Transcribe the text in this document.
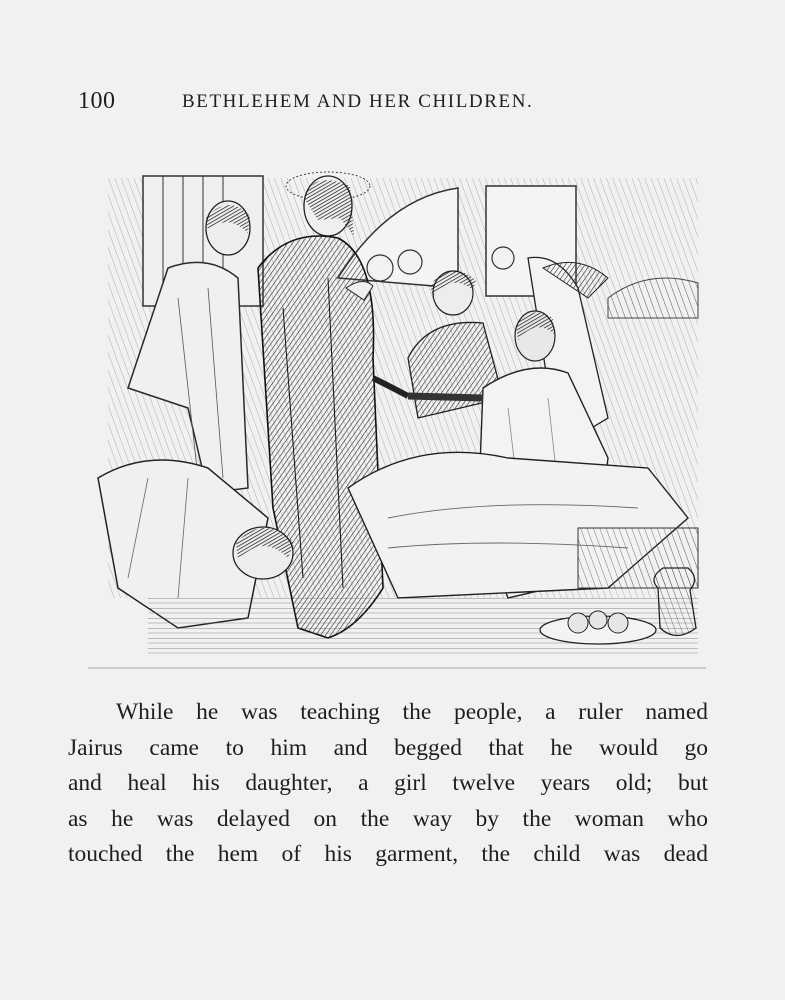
100	BETHLEHEM AND HER CHILDREN.
While he was teaching the people, a ruler named
Jairus came to him and begged that he would go
and heal his daughter, a girl twelve years old; but
as he was delayed on the way by the woman who
touched the hem of his garment, the child was dead
